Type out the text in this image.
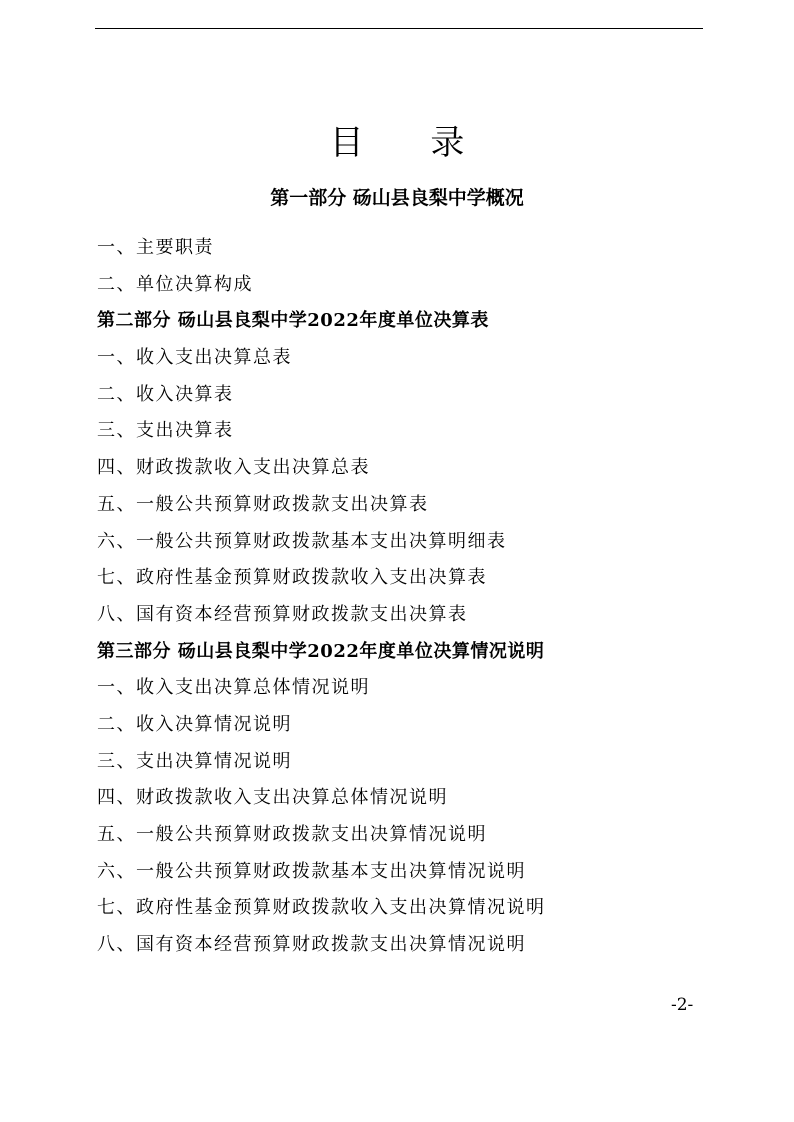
目 录
第一部分 砀山县良梨中学概况
一、主要职责
二、单位决算构成
第二部分 砀山县良梨中学2022年度单位决算表
一、收入支出决算总表
二、收入决算表
三、支出决算表
四、财政拨款收入支出决算总表
五、一般公共预算财政拨款支出决算表
六、一般公共预算财政拨款基本支出决算明细表
七、政府性基金预算财政拨款收入支出决算表
八、国有资本经营预算财政拨款支出决算表
第三部分 砀山县良梨中学2022年度单位决算情况说明
一、收入支出决算总体情况说明
二、收入决算情况说明
三、支出决算情况说明
四、财政拨款收入支出决算总体情况说明
五、一般公共预算财政拨款支出决算情况说明
六、一般公共预算财政拨款基本支出决算情况说明
七、政府性基金预算财政拨款收入支出决算情况说明
八、国有资本经营预算财政拨款支出决算情况说明
-2-
